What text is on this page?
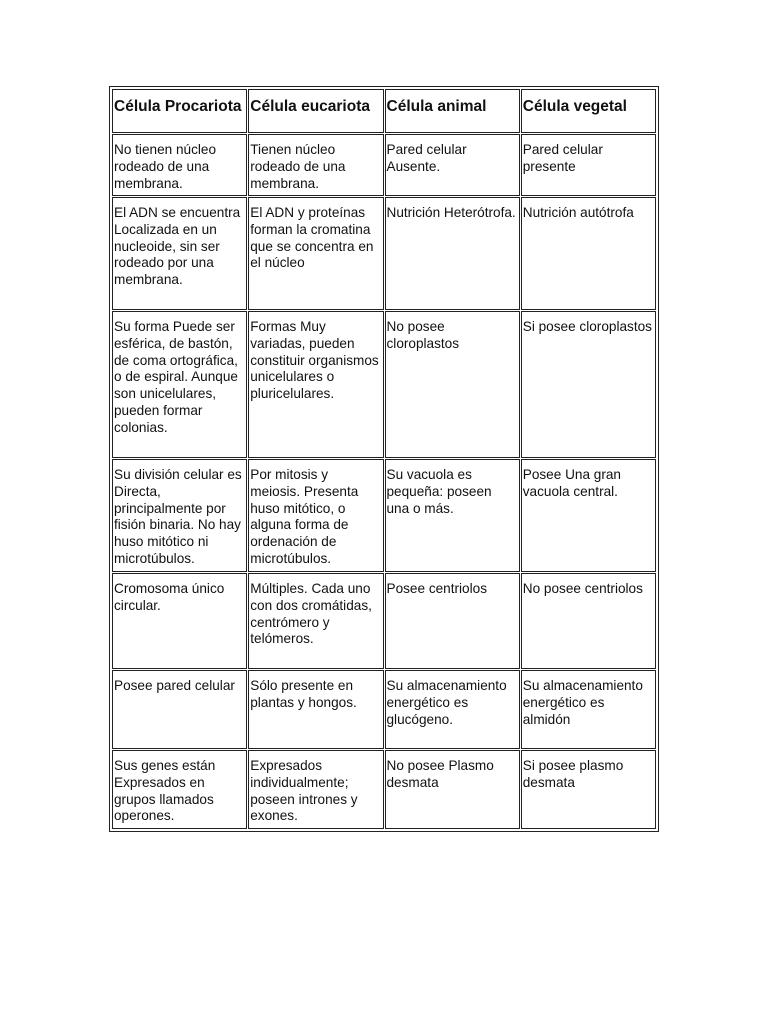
Célula Procariota	Célula eucariota	Célula animal	Célula vegetal
No tienen núcleo rodeado de una membrana.	Tienen núcleo rodeado de una membrana.	Pared celular Ausente.	Pared celular presente
El ADN se encuentra Localizada en un nucleoide, sin ser rodeado por una membrana.	El ADN y proteínas forman la cromatina que se concentra en el núcleo	Nutrición Heterótrofa.	Nutrición autótrofa
Su forma Puede ser esférica, de bastón, de coma ortográfica, o de espiral. Aunque son unicelulares, pueden formar colonias.	Formas Muy variadas, pueden constituir organismos unicelulares o pluricelulares.	No posee cloroplastos	Si posee cloroplastos
Su división celular es Directa, principalmente por fisión binaria. No hay huso mitótico ni microtúbulos.	Por mitosis y meiosis. Presenta huso mitótico, o alguna forma de ordenación de microtúbulos.	Su vacuola es pequeña: poseen una o más.	Posee Una gran vacuola central.
Cromosoma único circular.	Múltiples. Cada uno con dos cromátidas, centrómero y telómeros.	Posee centriolos	No posee centriolos
Posee pared celular	Sólo presente en plantas y hongos.	Su almacenamiento energético es glucógeno.	Su almacenamiento energético es almidón
Sus genes están Expresados en grupos llamados operones.	Expresados individualmente; poseen intrones y exones.	No posee Plasmo desmata	Si posee plasmo desmata
